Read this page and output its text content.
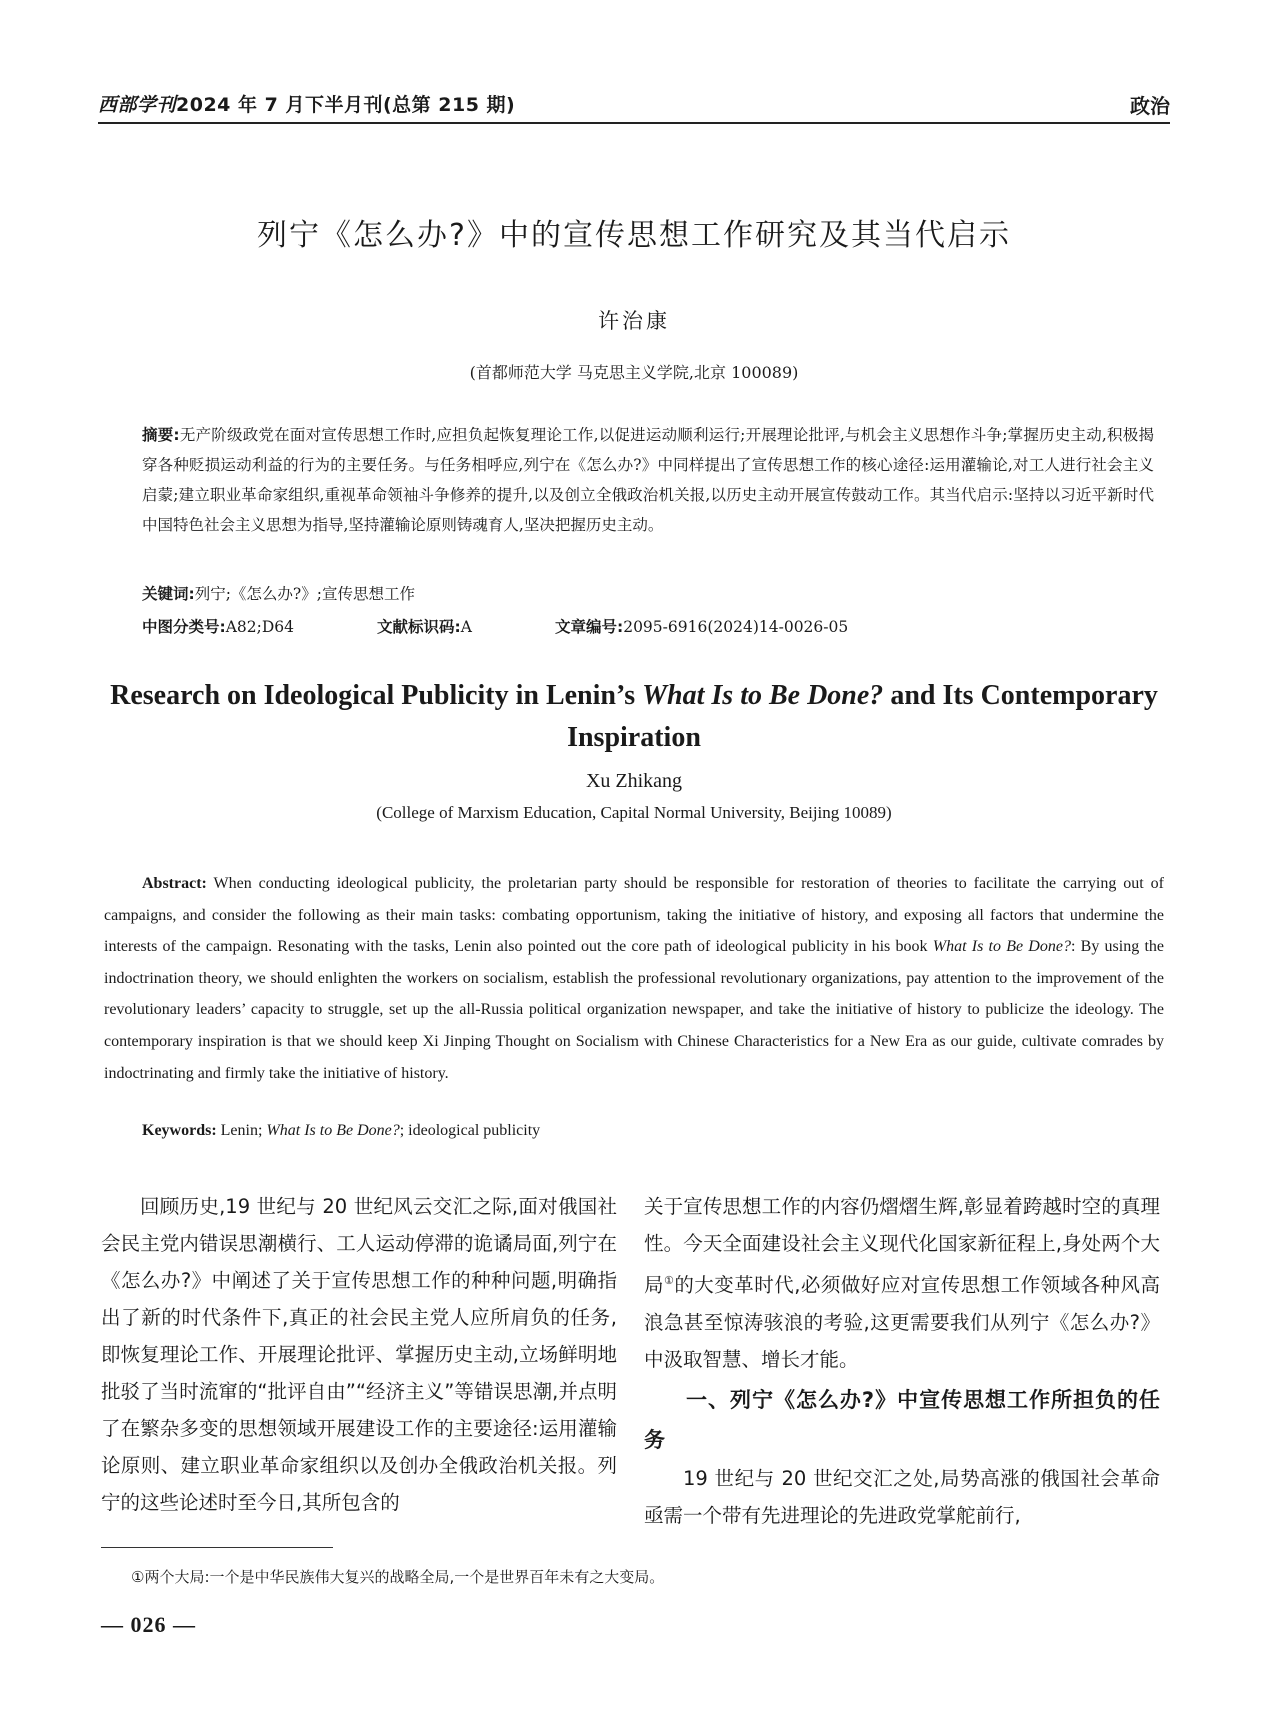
西部学刊2024 年 7 月下半月刊(总第 215 期)	政治
列宁《怎么办?》中的宣传思想工作研究及其当代启示
许治康
(首都师范大学 马克思主义学院,北京 100089)
摘要:无产阶级政党在面对宣传思想工作时,应担负起恢复理论工作,以促进运动顺利运行;开展理论批评,与机会主义思想作斗争;掌握历史主动,积极揭穿各种贬损运动利益的行为的主要任务。与任务相呼应,列宁在《怎么办?》中同样提出了宣传思想工作的核心途径:运用灌输论,对工人进行社会主义启蒙;建立职业革命家组织,重视革命领袖斗争修养的提升,以及创立全俄政治机关报,以历史主动开展宣传鼓动工作。其当代启示:坚持以习近平新时代中国特色社会主义思想为指导,坚持灌输论原则铸魂育人,坚决把握历史主动。
关键词:列宁;《怎么办?》;宣传思想工作
中图分类号:A82;D64	文献标识码:A	文章编号:2095-6916(2024)14-0026-05
Research on Ideological Publicity in Lenin’s What Is to Be Done? and Its Contemporary Inspiration
Xu Zhikang
(College of Marxism Education, Capital Normal University, Beijing 10089)
Abstract: When conducting ideological publicity, the proletarian party should be responsible for restoration of theories to facilitate the carrying out of campaigns, and consider the following as their main tasks: combating opportunism, taking the initiative of history, and exposing all factors that undermine the interests of the campaign. Resonating with the tasks, Lenin also pointed out the core path of ideological publicity in his book What Is to Be Done?: By using the indoctrination theory, we should enlighten the workers on socialism, establish the professional revolutionary organizations, pay attention to the improvement of the revolutionary leaders’ capacity to struggle, set up the all-Russia political organization newspaper, and take the initiative of history to publicize the ideology. The contemporary inspiration is that we should keep Xi Jinping Thought on Socialism with Chinese Characteristics for a New Era as our guide, cultivate comrades by indoctrinating and firmly take the initiative of history.
Keywords: Lenin; What Is to Be Done?; ideological publicity

回顾历史,19 世纪与 20 世纪风云交汇之际,面对俄国社会民主党内错误思潮横行、工人运动停滞的诡谲局面,列宁在《怎么办?》中阐述了关于宣传思想工作的种种问题,明确指出了新的时代条件下,真正的社会民主党人应所肩负的任务,即恢复理论工作、开展理论批评、掌握历史主动,立场鲜明地批驳了当时流窜的“批评自由”“经济主义”等错误思潮,并点明了在繁杂多变的思想领域开展建设工作的主要途径:运用灌输论原则、建立职业革命家组织以及创办全俄政治机关报。列宁的这些论述时至今日,其所包含的

关于宣传思想工作的内容仍熠熠生辉,彰显着跨越时空的真理性。今天全面建设社会主义现代化国家新征程上,身处两个大局①的大变革时代,必须做好应对宣传思想工作领域各种风高浪急甚至惊涛骇浪的考验,这更需要我们从列宁《怎么办?》中汲取智慧、增长才能。

一、列宁《怎么办?》中宣传思想工作所担负的任务

19 世纪与 20 世纪交汇之处,局势高涨的俄国社会革命亟需一个带有先进理论的先进政党掌舵前行,

①两个大局:一个是中华民族伟大复兴的战略全局,一个是世界百年未有之大变局。
— 026 —
